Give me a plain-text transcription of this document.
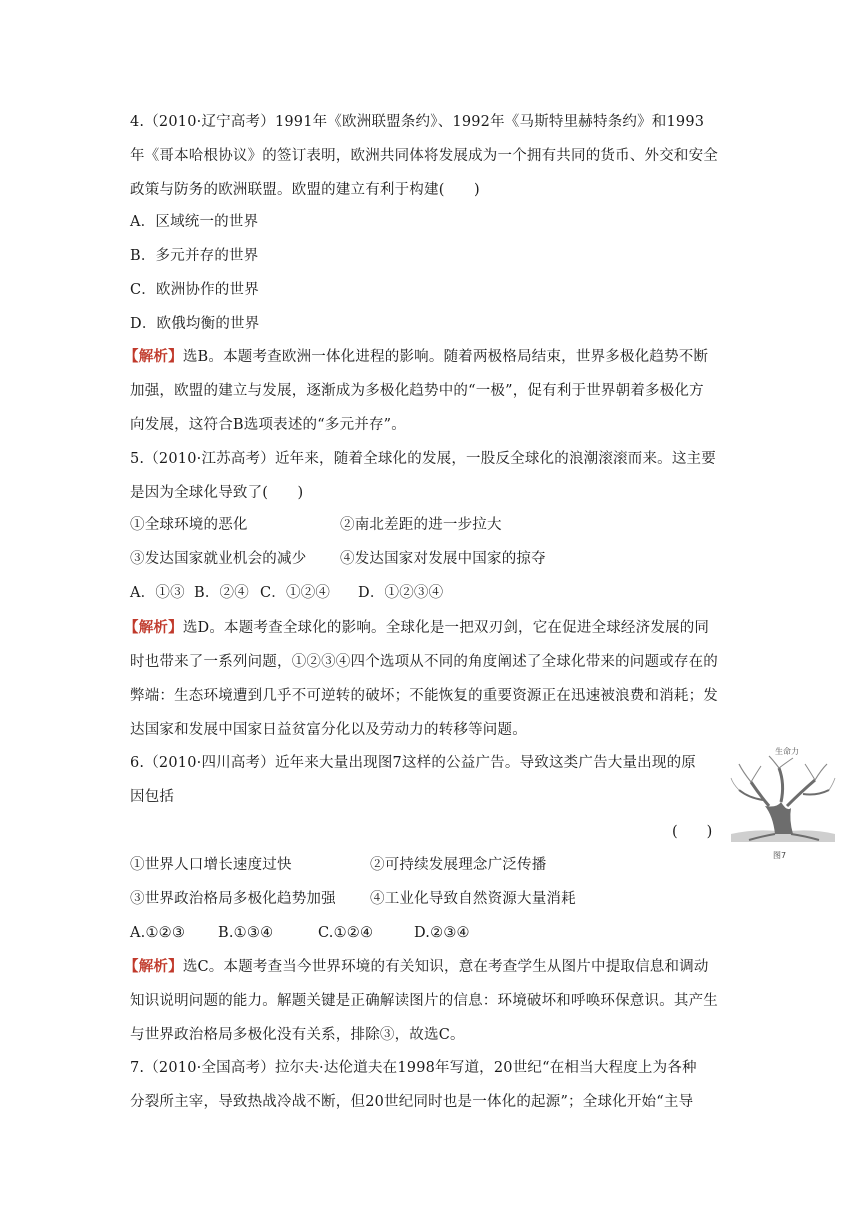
4.（2010·辽宁高考）1991年《欧洲联盟条约》、1992年《马斯特里赫特条约》和1993
年《哥本哈根协议》的签订表明，欧洲共同体将发展成为一个拥有共同的货币、外交和安全
政策与防务的欧洲联盟。欧盟的建立有利于构建(　　)
A．区域统一的世界
B．多元并存的世界
C．欧洲协作的世界
D．欧俄均衡的世界
【解析】选B。本题考查欧洲一体化进程的影响。随着两极格局结束，世界多极化趋势不断
加强，欧盟的建立与发展，逐渐成为多极化趋势中的“一极”，促有利于世界朝着多极化方
向发展，这符合B选项表述的“多元并存”。
5.（2010·江苏高考）近年来，随着全球化的发展，一股反全球化的浪潮滚滚而来。这主要
是因为全球化导致了(　　)
①全球环境的恶化	②南北差距的进一步拉大
③发达国家就业机会的减少 ④发达国家对发展中国家的掠夺
A．①③ B．②④ C．①②④ D．①②③④
【解析】选D。本题考查全球化的影响。全球化是一把双刃剑，它在促进全球经济发展的同
时也带来了一系列问题，①②③④四个选项从不同的角度阐述了全球化带来的问题或存在的
弊端：生态环境遭到几乎不可逆转的破坏；不能恢复的重要资源正在迅速被浪费和消耗；发
达国家和发展中国家日益贫富分化以及劳动力的转移等问题。
6.（2010·四川高考）近年来大量出现图7这样的公益广告。导致这类广告大量出现的原
因包括
(　　)
生命力
图7
①世界人口增长速度过快	②可持续发展理念广泛传播
③世界政治格局多极化趋势加强 ④工业化导致自然资源大量消耗
A.①②③ B.①③④	C.①②④	D.②③④
【解析】选C。本题考查当今世界环境的有关知识，意在考查学生从图片中提取信息和调动
知识说明问题的能力。解题关键是正确解读图片的信息：环境破坏和呼唤环保意识。其产生
与世界政治格局多极化没有关系，排除③，故选C。
7.（2010·全国高考）拉尔夫·达伦道夫在1998年写道，20世纪“在相当大程度上为各种
分裂所主宰，导致热战冷战不断，但20世纪同时也是一体化的起源”；全球化开始“主导
